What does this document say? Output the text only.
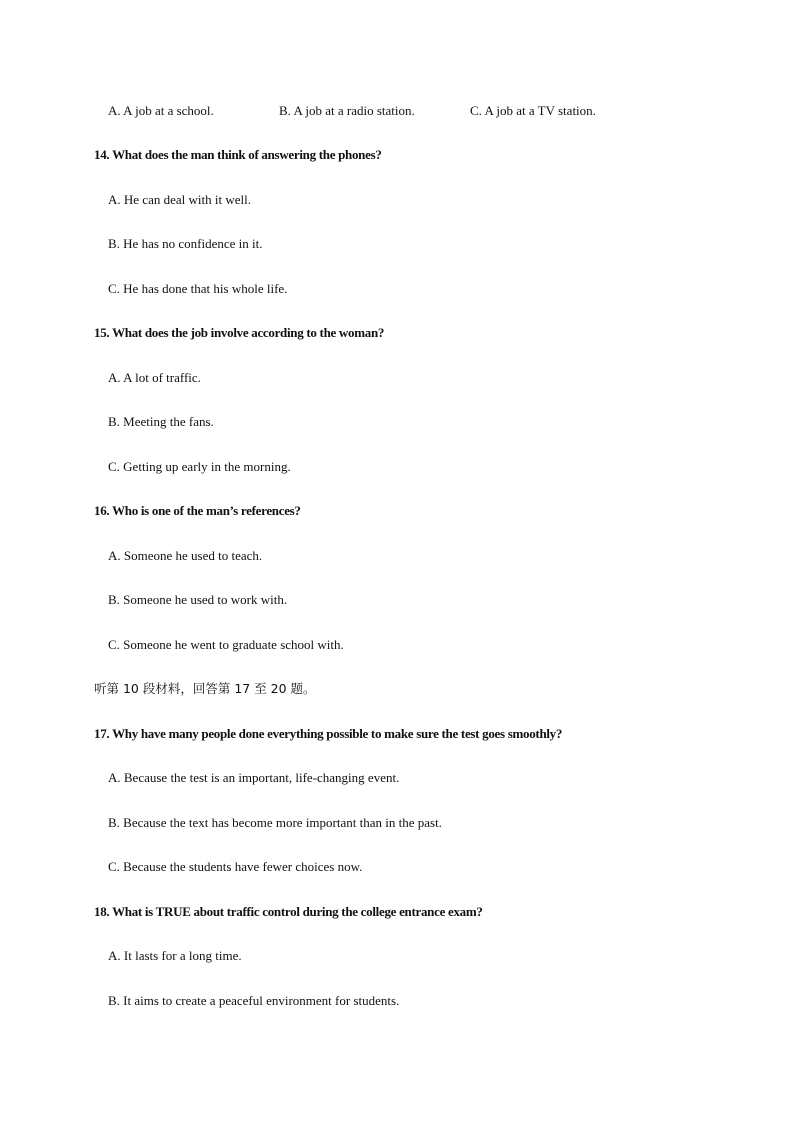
A. A job at a school.	B. A job at a radio station.	C. A job at a TV station.
14. What does the man think of answering the phones?
A. He can deal with it well.
B. He has no confidence in it.
C. He has done that his whole life.
15. What does the job involve according to the woman?
A. A lot of traffic.
B. Meeting the fans.
C. Getting up early in the morning.
16. Who is one of the man’s references?
A. Someone he used to teach.
B. Someone he used to work with.
C. Someone he went to graduate school with.
听第 10 段材料，回答第 17 至 20 题。
17. Why have many people done everything possible to make sure the test goes smoothly?
A. Because the test is an important, life-changing event.
B. Because the text has become more important than in the past.
C. Because the students have fewer choices now.
18. What is TRUE about traffic control during the college entrance exam?
A. It lasts for a long time.
B. It aims to create a peaceful environment for students.
